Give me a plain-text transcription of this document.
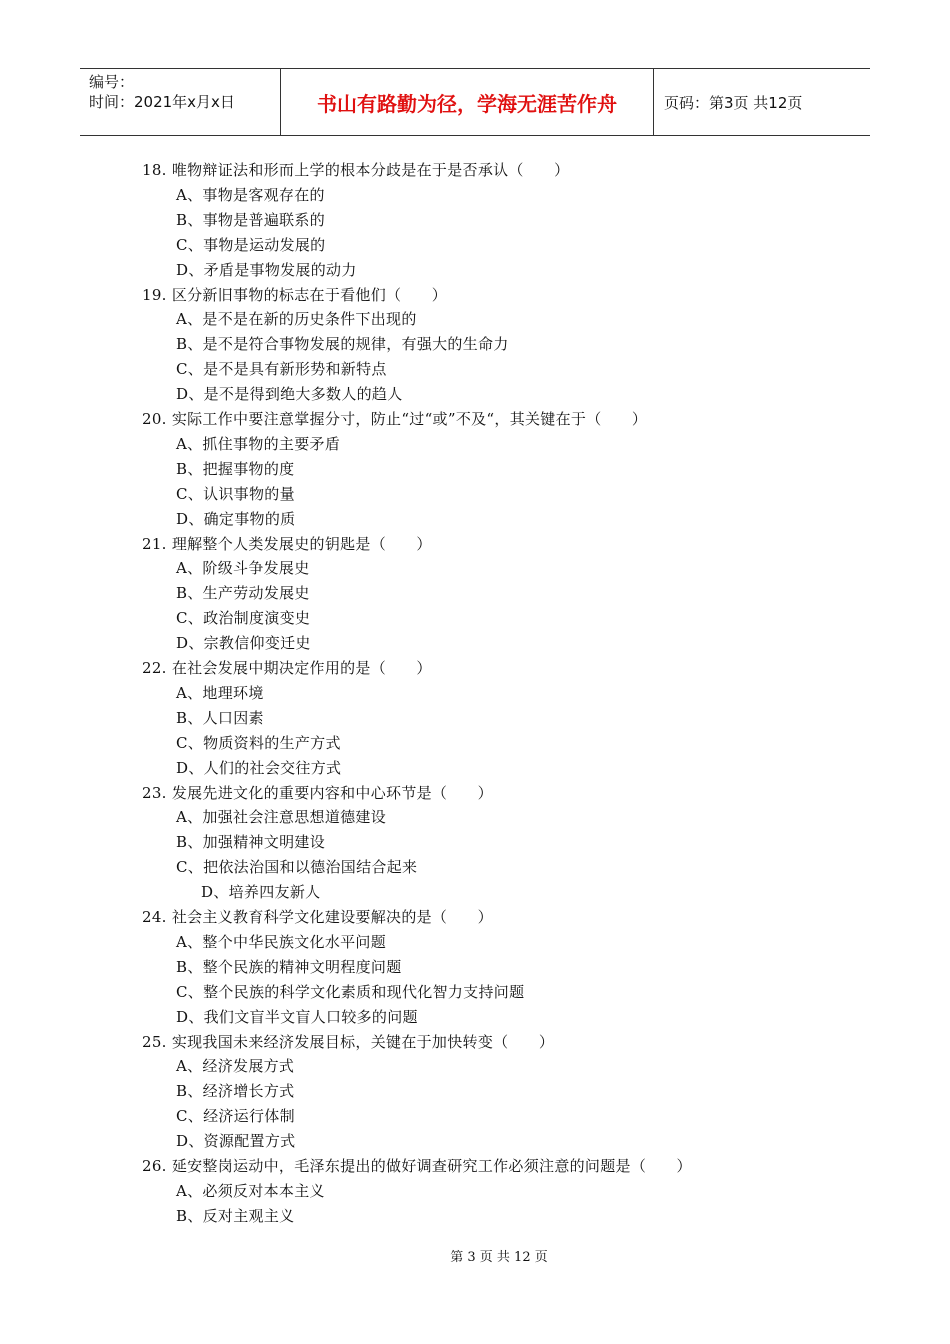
编号：
时间：2021年x月x日	书山有路勤为径，学海无涯苦作舟	页码：第3页 共12页
18. 唯物辩证法和形而上学的根本分歧是在于是否承认（      ）
A、事物是客观存在的
B、事物是普遍联系的
C、事物是运动发展的
D、矛盾是事物发展的动力
19. 区分新旧事物的标志在于看他们（      ）
A、是不是在新的历史条件下出现的
B、是不是符合事物发展的规律，有强大的生命力
C、是不是具有新形势和新特点
D、是不是得到绝大多数人的趋人
20. 实际工作中要注意掌握分寸，防止“过“或”不及“，其关键在于（      ）
A、抓住事物的主要矛盾
B、把握事物的度
C、认识事物的量
D、确定事物的质
21. 理解整个人类发展史的钥匙是（      ）
A、阶级斗争发展史
B、生产劳动发展史
C、政治制度演变史
D、宗教信仰变迁史
22. 在社会发展中期决定作用的是（      ）
A、地理环境
B、人口因素
C、物质资料的生产方式
D、人们的社会交往方式
23. 发展先进文化的重要内容和中心环节是（      ）
A、加强社会注意思想道德建设
B、加强精神文明建设
C、把依法治国和以德治国结合起来
D、培养四友新人
24. 社会主义教育科学文化建设要解决的是（      ）
A、整个中华民族文化水平问题
B、整个民族的精神文明程度问题
C、整个民族的科学文化素质和现代化智力支持问题
D、我们文盲半文盲人口较多的问题
25. 实现我国未来经济发展目标，关键在于加快转变（      ）
A、经济发展方式
B、经济增长方式
C、经济运行体制
D、资源配置方式
26. 延安整岗运动中，毛泽东提出的做好调查研究工作必须注意的问题是（      ）
A、必须反对本本主义
B、反对主观主义
第 3 页 共 12 页
